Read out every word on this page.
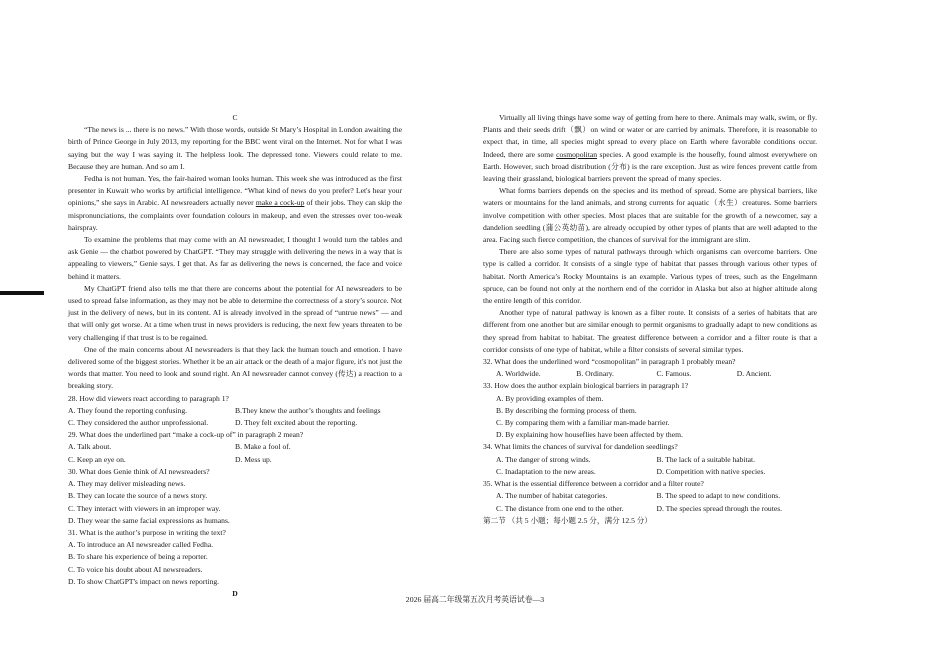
C

“The news is ... there is no news.” With those words, outside St Mary’s Hospital in London awaiting the birth of Prince George in July 2013, my reporting for the BBC went viral on the Internet. Not for what I was saying but the way I was saying it. The helpless look. The depressed tone. Viewers could relate to me. Because they are human. And so am I.

Fedha is not human. Yes, the fair-haired woman looks human. This week she was introduced as the first presenter in Kuwait who works by artificial intelligence. “What kind of news do you prefer? Let's hear your opinions,” she says in Arabic. AI newsreaders actually never make a cock-up of their jobs. They can skip the mispronunciations, the complaints over foundation colours in makeup, and even the stresses over too-weak hairspray.

To examine the problems that may come with an AI newsreader, I thought I would turn the tables and ask Genie — the chatbot powered by ChatGPT. “They may struggle with delivering the news in a way that is appealing to viewers,” Genie says. I get that. As far as delivering the news is concerned, the face and voice behind it matters.

My ChatGPT friend also tells me that there are concerns about the potential for AI newsreaders to be used to spread false information, as they may not be able to determine the correctness of a story’s source. Not just in the delivery of news, but in its content. AI is already involved in the spread of “untrue news” — and that will only get worse. At a time when trust in news providers is reducing, the next few years threaten to be very challenging if that trust is to be regained.

One of the main concerns about AI newsreaders is that they lack the human touch and emotion. I have delivered some of the biggest stories. Whether it be an air attack or the death of a major figure, it's not just the words that matter. You need to look and sound right. An AI newsreader cannot convey (传达) a reaction to a breaking story.

28. How did viewers react according to paragraph 1?

A. They found the reporting confusing.	B.They knew the author’s thoughts and feelings
C. They considered the author unprofessional.	D. They felt excited about the reporting.

29. What does the underlined part “make a cock-up of” in paragraph 2 mean?

A. Talk about.	B. Make a fool of.
C. Keep an eye on.	D. Mess up.

30. What does Genie think of AI newsreaders?

A. They may deliver misleading news.

B. They can locate the source of a news story.

C. They interact with viewers in an improper way.

D. They wear the same facial expressions as humans.

31. What is the author’s purpose in writing the text?

A. To introduce an AI newsreader called Fedha.

B. To share his experience of being a reporter.

C. To voice his doubt about AI newsreaders.

D. To show ChatGPT's impact on news reporting.

D

Virtually all living things have some way of getting from here to there. Animals may walk, swim, or fly. Plants and their seeds drift（飘）on wind or water or are carried by animals. Therefore, it is reasonable to expect that, in time, all species might spread to every place on Earth where favorable conditions occur. Indeed, there are some cosmopolitan species. A good example is the housefly, found almost everywhere on Earth. However, such broad distribution (分布) is the rare exception. Just as wire fences prevent cattle from leaving their grassland, biological barriers prevent the spread of many species.

What forms barriers depends on the species and its method of spread. Some are physical barriers, like waters or mountains for the land animals, and strong currents for aquatic（水生）creatures. Some barriers involve competition with other species. Most places that are suitable for the growth of a newcomer, say a dandelion seedling (蒲公英幼苗), are already occupied by other types of plants that are well adapted to the area. Facing such fierce competition, the chances of survival for the immigrant are slim.

There are also some types of natural pathways through which organisms can overcome barriers. One type is called a corridor. It consists of a single type of habitat that passes through various other types of habitat. North America’s Rocky Mountains is an example. Various types of trees, such as the Engelmann spruce, can be found not only at the northern end of the corridor in Alaska but also at higher altitude along the entire length of this corridor.

Another type of natural pathway is known as a filter route. It consists of a series of habitats that are different from one another but are similar enough to permit organisms to gradually adapt to new conditions as they spread from habitat to habitat. The greatest difference between a corridor and a filter route is that a corridor consists of one type of habitat, while a filter consists of several similar types.

32. What does the underlined word “cosmopolitan” in paragraph 1 probably mean?

A. Worldwide.	B. Ordinary.	C. Famous.	D. Ancient.

33. How does the author explain biological barriers in paragraph 1?

A. By providing examples of them.

B. By describing the forming process of them.

C. By comparing them with a familiar man-made barrier.

D. By explaining how houseflies have been affected by them.

34. What limits the chances of survival for dandelion seedlings?

A. The danger of strong winds.	B. The lack of a suitable habitat.
C. Inadaptation to the new areas.	D. Competition with native species.

35. What is the essential difference between a corridor and a filter route?

A. The number of habitat categories.	B. The speed to adapt to new conditions.
C. The distance from one end to the other.	D. The species spread through the routes.

第二节 （共 5 小题；每小题 2.5 分，满分 12.5 分）

2026 届高二年级第五次月考英语试卷—3
